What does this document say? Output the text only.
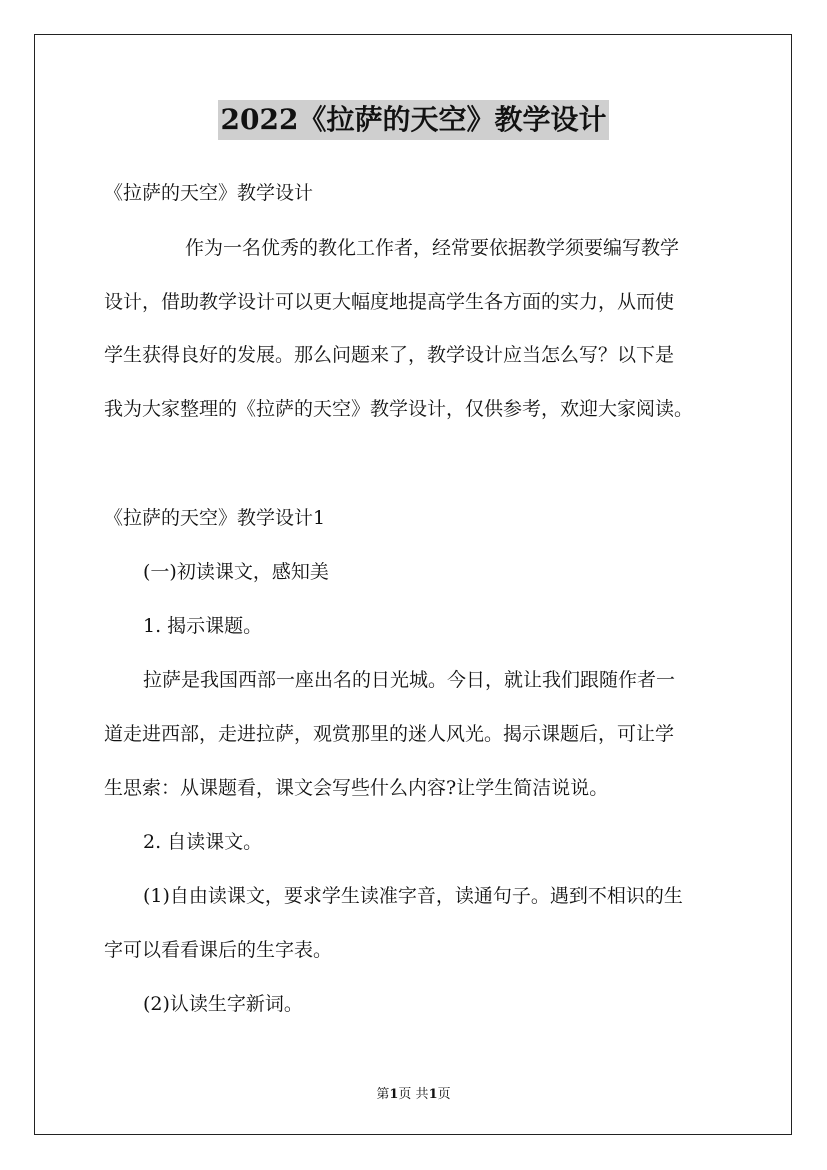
2022《拉萨的天空》教学设计
《拉萨的天空》教学设计
作为一名优秀的教化工作者，经常要依据教学须要编写教学
设计，借助教学设计可以更大幅度地提高学生各方面的实力，从而使
学生获得良好的发展。那么问题来了，教学设计应当怎么写？以下是
我为大家整理的《拉萨的天空》教学设计，仅供参考，欢迎大家阅读。
《拉萨的天空》教学设计1
(一)初读课文，感知美
1. 揭示课题。
拉萨是我国西部一座出名的日光城。今日，就让我们跟随作者一
道走进西部，走进拉萨，观赏那里的迷人风光。揭示课题后，可让学
生思索：从课题看，课文会写些什么内容?让学生简洁说说。
2. 自读课文。
(1)自由读课文，要求学生读准字音，读通句子。遇到不相识的生
字可以看看课后的生字表。
(2)认读生字新词。
第1页 共1页
